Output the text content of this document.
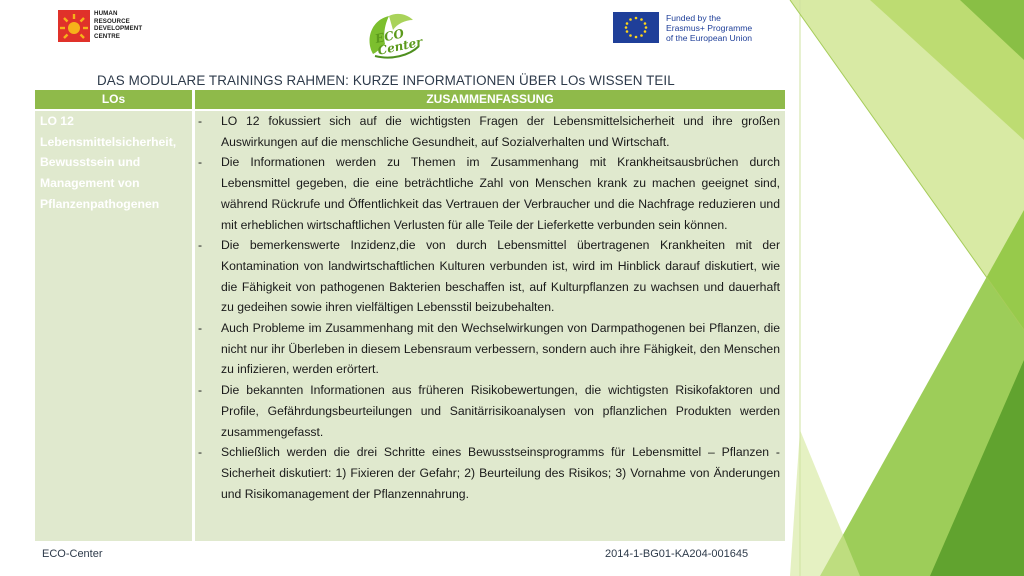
HUMAN
RESOURCE
DEVELOPMENT
CENTRE	ECO Center
Funded by the
Erasmus+ Programme
of the European Union
DAS MODULARE TRAININGS RAHMEN: KURZE INFORMATIONEN ÜBER LOs WISSEN TEIL
LOs	ZUSAMMENFASSUNG
LO 12 Lebensmittelsicherheit, Bewusstsein und Management von Pflanzenpathogenen
- LO 12 fokussiert sich auf die wichtigsten Fragen der Lebensmittelsicherheit und ihre großen Auswirkungen auf die menschliche Gesundheit, auf Sozialverhalten und Wirtschaft.
- Die Informationen werden zu Themen im Zusammenhang mit Krankheitsausbrüchen durch Lebensmittel gegeben, die eine beträchtliche Zahl von Menschen krank zu machen geeignet sind, während Rückrufe und Öffentlichkeit das Vertrauen der Verbraucher und die Nachfrage reduzieren und mit erheblichen wirtschaftlichen Verlusten für alle Teile der Lieferkette verbunden sein können.
- Die bemerkenswerte Inzidenz,die von durch Lebensmittel übertragenen Krankheiten mit der Kontamination von landwirtschaftlichen Kulturen verbunden ist, wird im Hinblick darauf diskutiert, wie die Fähigkeit von pathogenen Bakterien beschaffen ist, auf Kulturpflanzen zu wachsen und dauerhaft zu gedeihen sowie ihren vielfältigen Lebensstil beizubehalten.
- Auch Probleme im Zusammenhang mit den Wechselwirkungen von Darmpathogenen bei Pflanzen, die nicht nur ihr Überleben in diesem Lebensraum verbessern, sondern auch ihre Fähigkeit, den Menschen zu infizieren, werden erörtert.
- Die bekannten Informationen aus früheren Risikobewertungen, die wichtigsten Risikofaktoren und Profile, Gefährdungsbeurteilungen und Sanitärrisikoanalysen von pflanzlichen Produkten werden zusammengefasst.
- Schließlich werden die drei Schritte eines Bewusstseinsprogramms für Lebensmittel – Pflanzen - Sicherheit diskutiert: 1) Fixieren der Gefahr; 2) Beurteilung des Risikos; 3) Vornahme von Änderungen und Risikomanagement der Pflanzennahrung.
ECO-Center	2014-1-BG01-KA204-001645
